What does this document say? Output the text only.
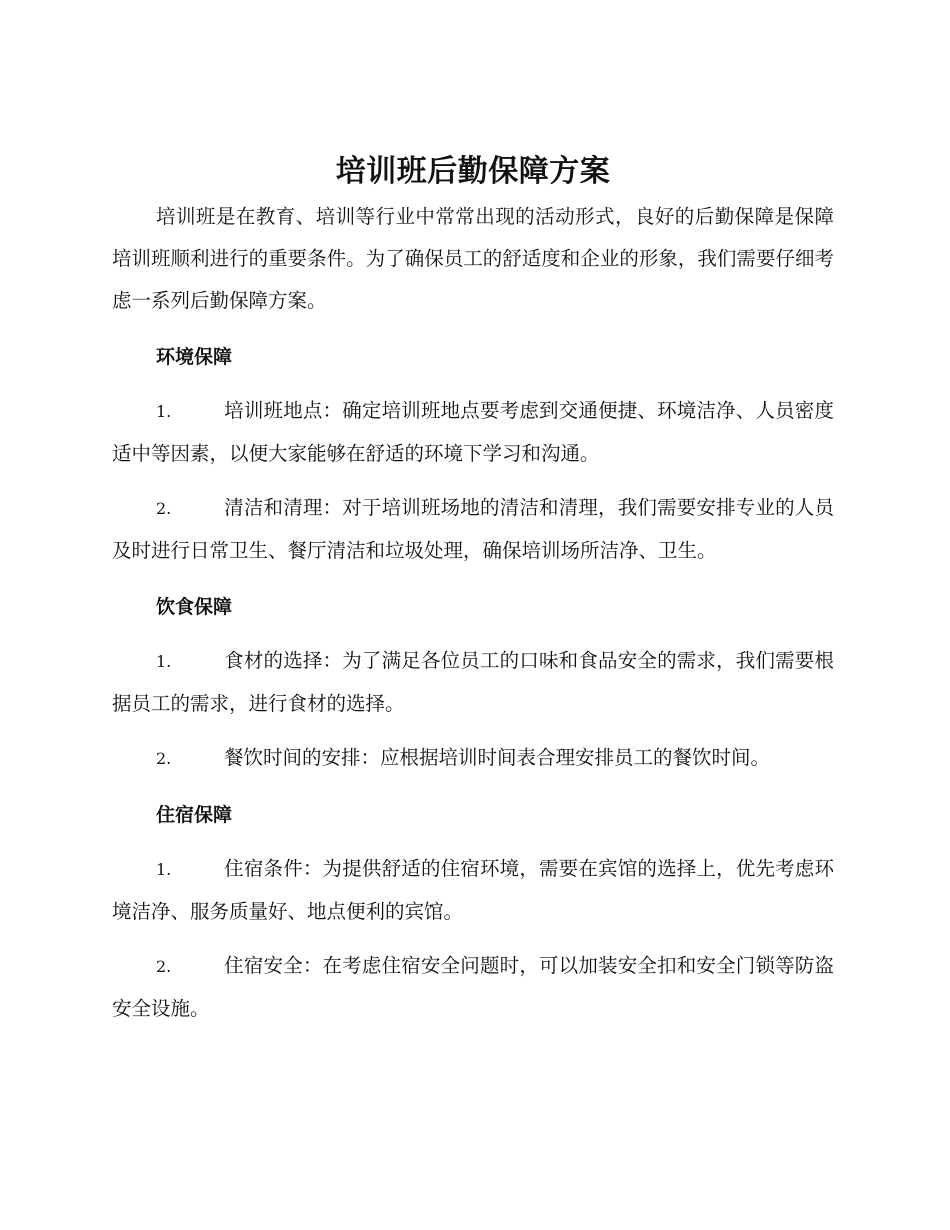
培训班后勤保障方案

培训班是在教育、培训等行业中常常出现的活动形式，良好的后勤保障是保障培训班顺利进行的重要条件。为了确保员工的舒适度和企业的形象，我们需要仔细考虑一系列后勤保障方案。

环境保障

1.	培训班地点：确定培训班地点要考虑到交通便捷、环境洁净、人员密度适中等因素，以便大家能够在舒适的环境下学习和沟通。

2.	清洁和清理：对于培训班场地的清洁和清理，我们需要安排专业的人员及时进行日常卫生、餐厅清洁和垃圾处理，确保培训场所洁净、卫生。

饮食保障

1.	食材的选择：为了满足各位员工的口味和食品安全的需求，我们需要根据员工的需求，进行食材的选择。

2.	餐饮时间的安排：应根据培训时间表合理安排员工的餐饮时间。

住宿保障

1.	住宿条件：为提供舒适的住宿环境，需要在宾馆的选择上，优先考虑环境洁净、服务质量好、地点便利的宾馆。

2.	住宿安全：在考虑住宿安全问题时，可以加装安全扣和安全门锁等防盗安全设施。
